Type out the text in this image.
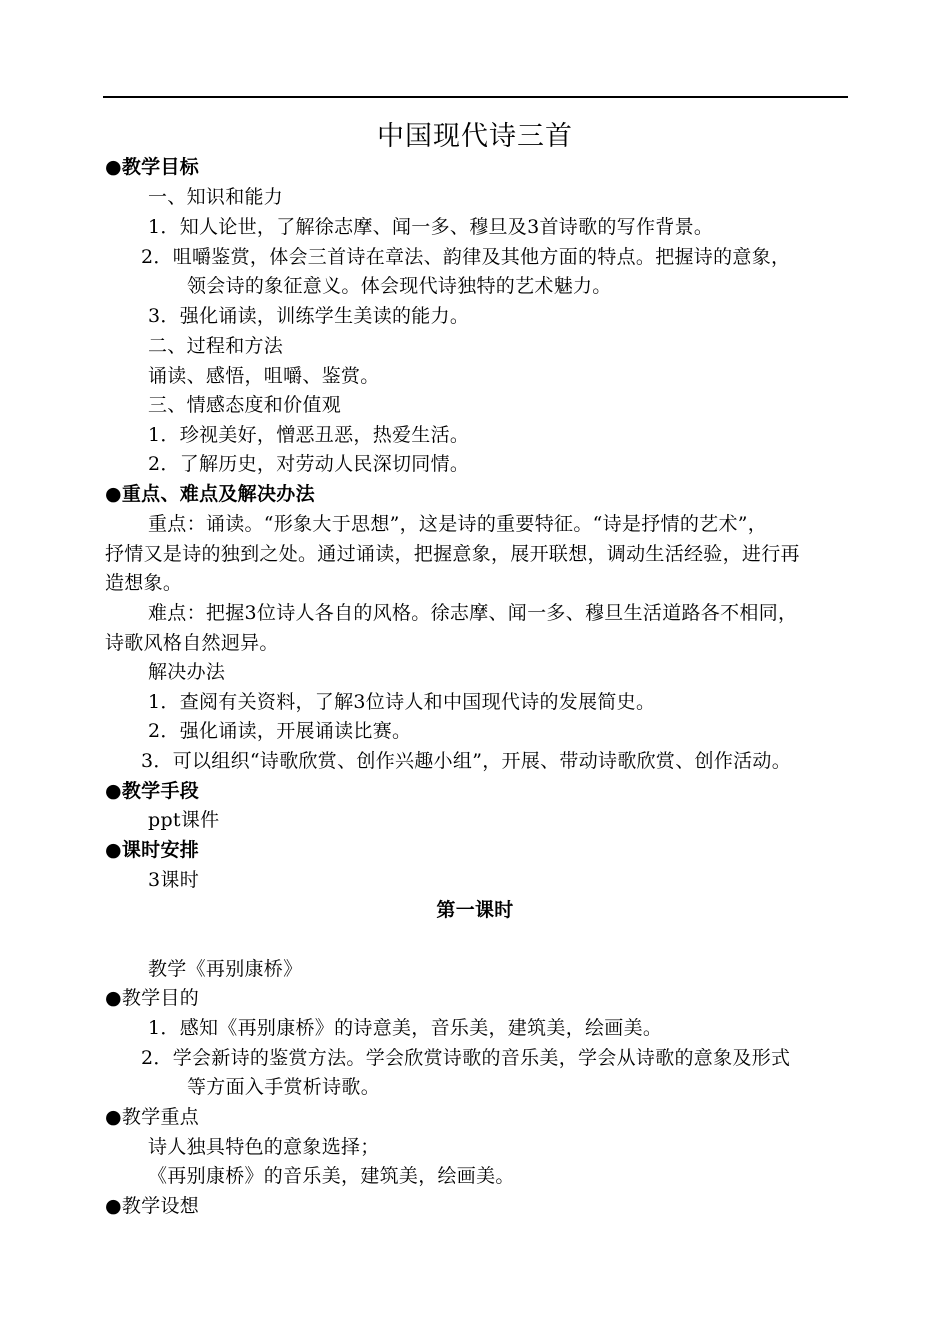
中国现代诗三首
●教学目标
一、知识和能力
1．知人论世，了解徐志摩、闻一多、穆旦及3首诗歌的写作背景。
2．咀嚼鉴赏，体会三首诗在章法、韵律及其他方面的特点。把握诗的意象，
领会诗的象征意义。体会现代诗独特的艺术魅力。
3．强化诵读，训练学生美读的能力。
二、过程和方法
诵读、感悟，咀嚼、鉴赏。
三、情感态度和价值观
1．珍视美好，憎恶丑恶，热爱生活。
2．了解历史，对劳动人民深切同情。
●重点、难点及解决办法
重点：诵读。“形象大于思想”，这是诗的重要特征。“诗是抒情的艺术”，
抒情又是诗的独到之处。通过诵读，把握意象，展开联想，调动生活经验，进行再
造想象。
难点：把握3位诗人各自的风格。徐志摩、闻一多、穆旦生活道路各不相同，
诗歌风格自然迥异。
解决办法
1．查阅有关资料，了解3位诗人和中国现代诗的发展简史。
2．强化诵读，开展诵读比赛。
3．可以组织“诗歌欣赏、创作兴趣小组”，开展、带动诗歌欣赏、创作活动。
●教学手段
ppt课件
●课时安排
3课时
第一课时
教学《再别康桥》
●教学目的
1．感知《再别康桥》的诗意美，音乐美，建筑美，绘画美。
2．学会新诗的鉴赏方法。学会欣赏诗歌的音乐美，学会从诗歌的意象及形式
等方面入手赏析诗歌。
●教学重点
诗人独具特色的意象选择；
《再别康桥》的音乐美，建筑美，绘画美。
●教学设想
